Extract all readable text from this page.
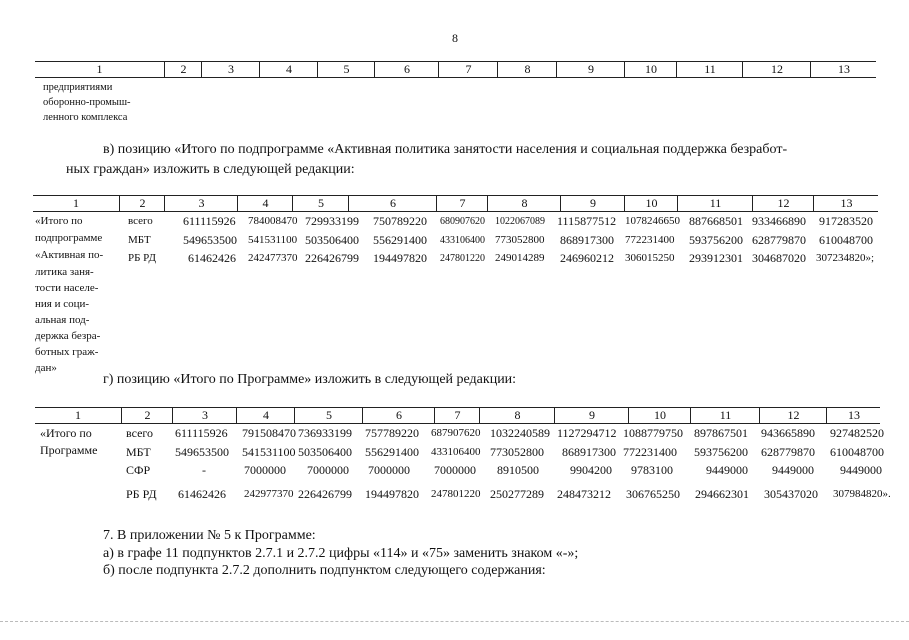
8
1	2	3	4	5	6	7	8	9	10	11	12	13
предприятиями
оборонно-промыш-
ленного комплекса
в) позицию «Итого по подпрограмме «Активная политика занятости населения и социальная поддержка безработ-
ных граждан» изложить в следующей редакции:
1	2	3	4	5	6	7	8	9	10	11	12	13
«Итого по
подпрограмме
«Активная по-
литика заня-
тости населе-
ния и соци-
альная под-
держка безра-
ботных граж-
дан»
всего	611115926 784008470 729933199 750789220 680907620 1022067089 1115877512 1078246650 887668501 933466890 917283520
МБТ	549653500 541531100 503506400 556291400 433106400 773052800 868917300 772231400 593756200 628779870 610048700
РБ РД	61462426 242477370 226426799 194497820 247801220 249014289 246960212 306015250 293912301 304687020 307234820»;
г) позицию «Итого по Программе» изложить в следующей редакции:
1	2	3	4	5	6	7	8	9	10	11	12	13
«Итого по
Программе
всего 611115926 791508470 736933199 757789220 687907620 1032240589 1127294712 1088779750 897867501 943665890 927482520
МБТ 549653500 541531100 503506400 556291400 433106400 773052800 868917300 772231400 593756200 628779870 610048700
СФР	-	7000000 7000000 7000000 7000000 8910500	9904200 9783100	9449000 9449000 9449000
РБ РД 61462426 242977370 226426799 194497820 247801220 250277289 248473212 306765250 294662301 305437020 307984820».
7. В приложении № 5 к Программе:
а) в графе 11 подпунктов 2.7.1 и 2.7.2 цифры «114» и «75» заменить знаком «-»;
б) после подпункта 2.7.2 дополнить подпунктом следующего содержания:
